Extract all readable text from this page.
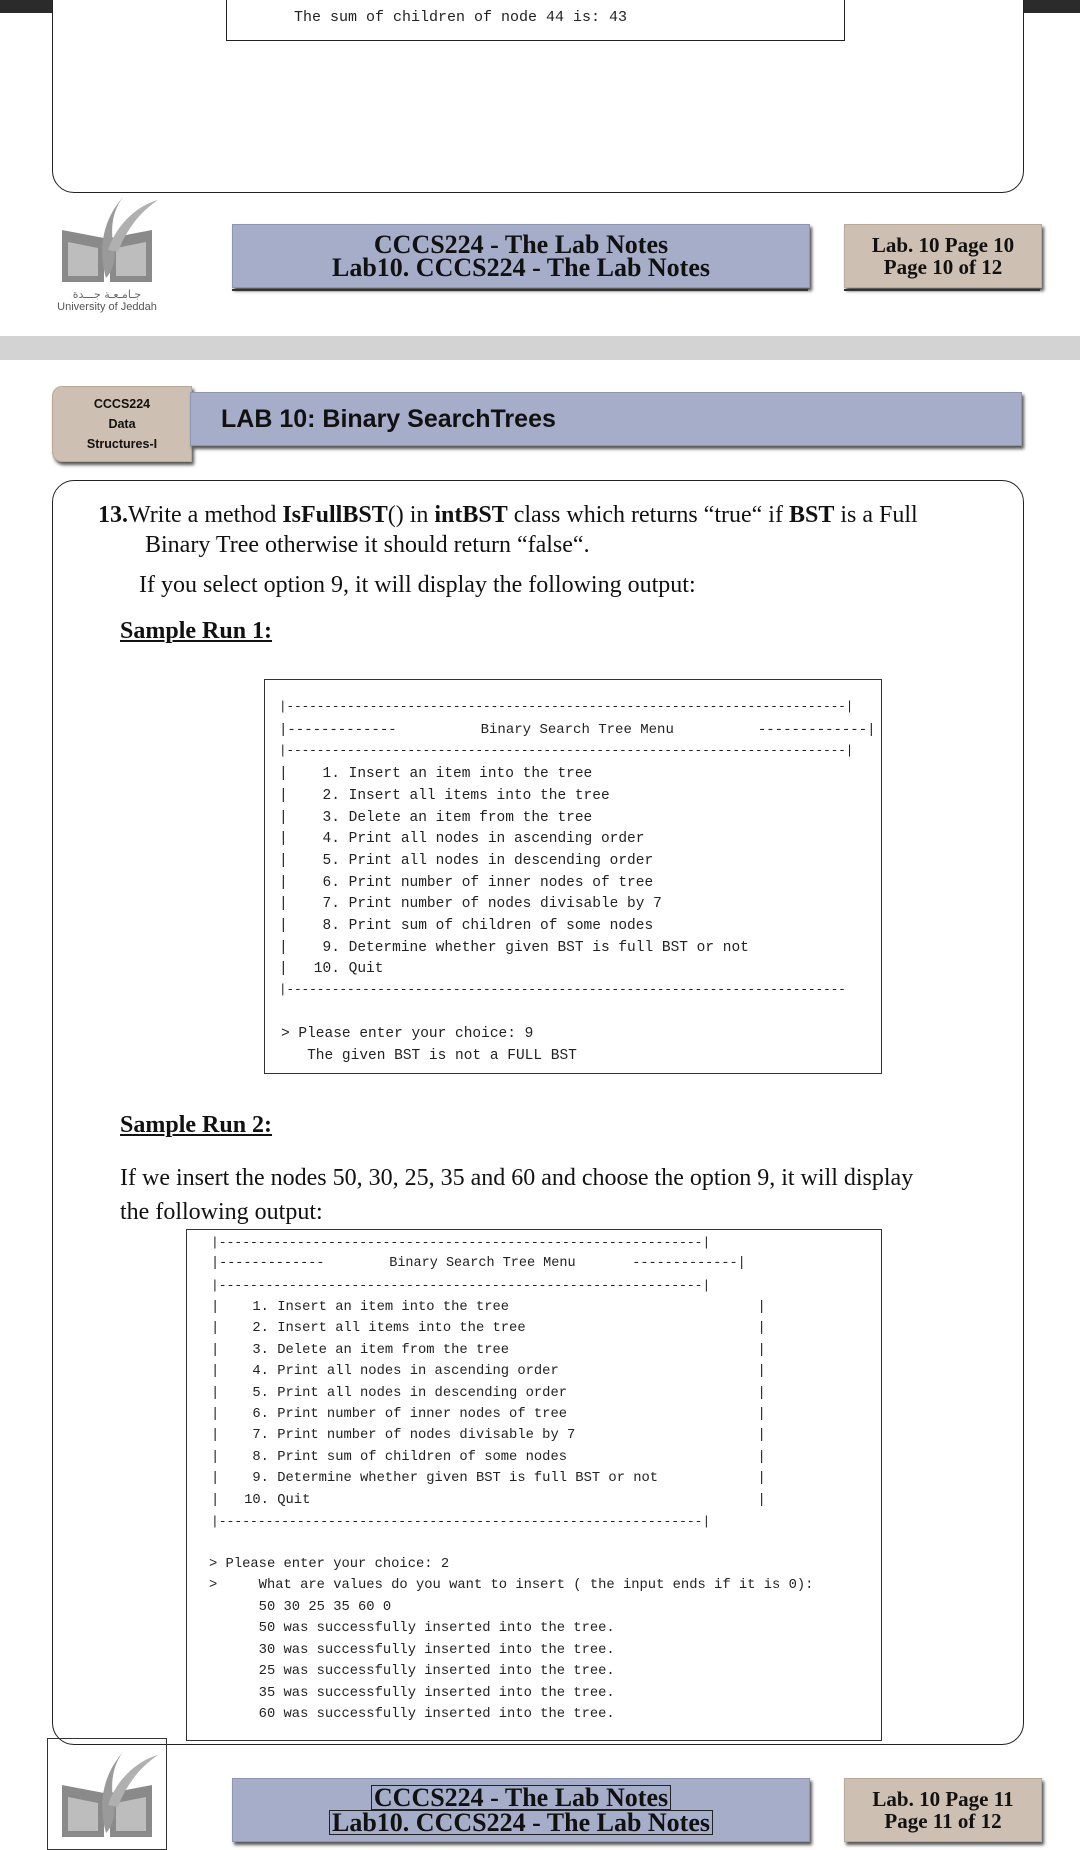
The sum of children of node 44 is: 43
جـامـعـة جـــدة
University of Jeddah
CCCS224 - The Lab Notes
Lab10. CCCS224 - The Lab Notes
Lab. 10 Page 10
Page 10 of 12
CCCS224
Data
Structures-I
LAB 10: Binary SearchTrees
13.Write a method IsFullBST() in intBST class which returns “true“ if BST is a Full
Binary Tree otherwise it should return “false“.
If you select option 9, it will display the following output:
Sample Run 1:
|--------------------------------------------------------------------------|
|-------------          Binary Search Tree Menu          -------------|
|--------------------------------------------------------------------------|
|    1. Insert an item into the tree
|    2. Insert all items into the tree
|    3. Delete an item from the tree
|    4. Print all nodes in ascending order
|    5. Print all nodes in descending order
|    6. Print number of inner nodes of tree
|    7. Print number of nodes divisable by 7
|    8. Print sum of children of some nodes
|    9. Determine whether given BST is full BST or not
|   10. Quit
|--------------------------------------------------------------------------
> Please enter your choice: 9
The given BST is not a FULL BST
Sample Run 2:
If we insert the nodes 50, 30, 25, 35 and 60 and choose the option 9, it will display
the following output:
|--------------------------------------------------------------|
|-------------        Binary Search Tree Menu       -------------|
|--------------------------------------------------------------|
|    1. Insert an item into the tree                              |
|    2. Insert all items into the tree                            |
|    3. Delete an item from the tree                              |
|    4. Print all nodes in ascending order                        |
|    5. Print all nodes in descending order                       |
|    6. Print number of inner nodes of tree                       |
|    7. Print number of nodes divisable by 7                      |
|    8. Print sum of children of some nodes                       |
|    9. Determine whether given BST is full BST or not            |
|   10. Quit                                                      |
|--------------------------------------------------------------|
> Please enter your choice: 2
>     What are values do you want to insert ( the input ends if it is 0):
50 30 25 35 60 0
50 was successfully inserted into the tree.
30 was successfully inserted into the tree.
25 was successfully inserted into the tree.
35 was successfully inserted into the tree.
60 was successfully inserted into the tree.
CCCS224 - The Lab Notes
Lab10. CCCS224 - The Lab Notes
Lab. 10 Page 11
Page 11 of 12
